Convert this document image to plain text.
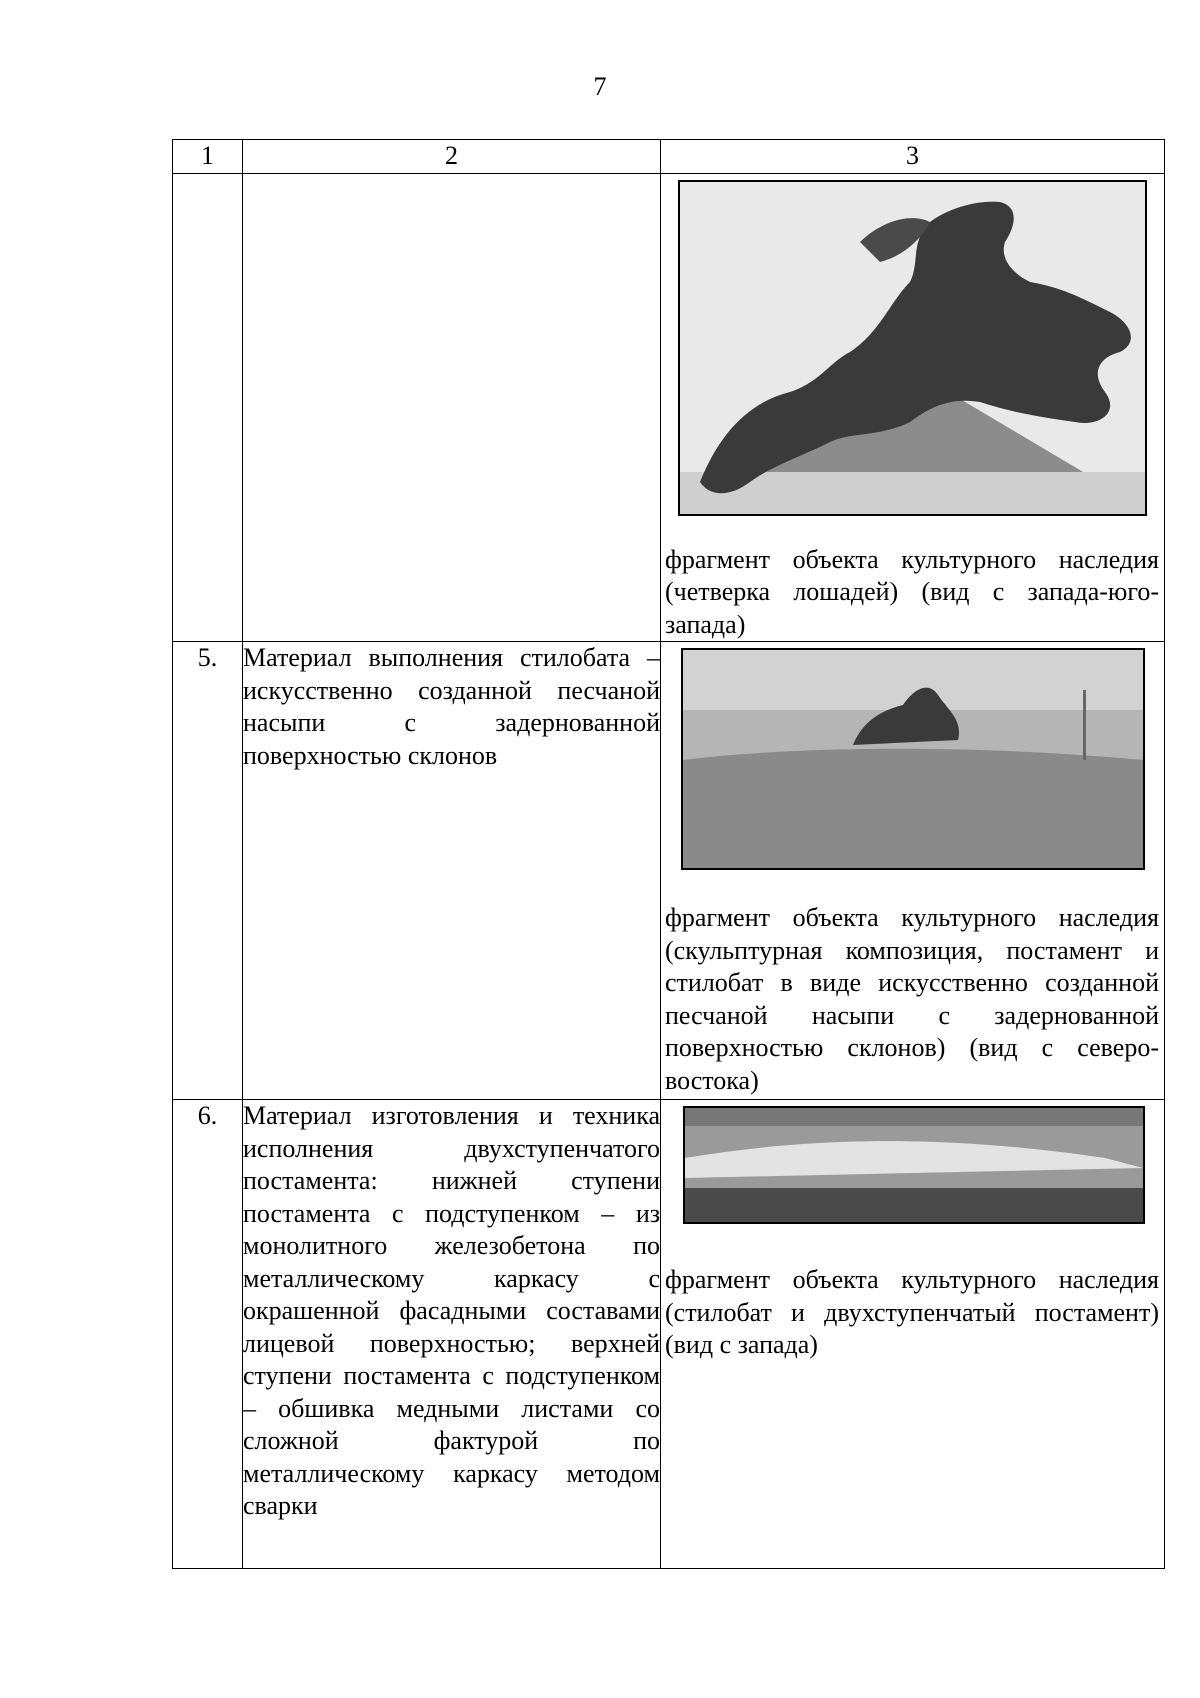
7
1	2	3

		фрагмент объекта культурного наследия (четверка лошадей) (вид с запада-юго-запада)

5.	Материал выполнения стилобата – искусственно созданной песчаной насыпи с задернованной поверхностью склонов	фрагмент объекта культурного наследия (скульптурная композиция, постамент и стилобат в виде искусственно созданной песчаной насыпи с задернованной поверхностью склонов) (вид с северо-востока)

6.	Материал изготовления и техника исполнения двухступенчатого постамента: нижней ступени постамента с подступенком – из монолитного железобетона по металлическому каркасу с окрашенной фасадными составами лицевой поверхностью; верхней ступени постамента с подступенком – обшивка медными листами со сложной фактурой по металлическому каркасу методом сварки	фрагмент объекта культурного наследия (стилобат и двухступенчатый постамент) (вид с запада)
